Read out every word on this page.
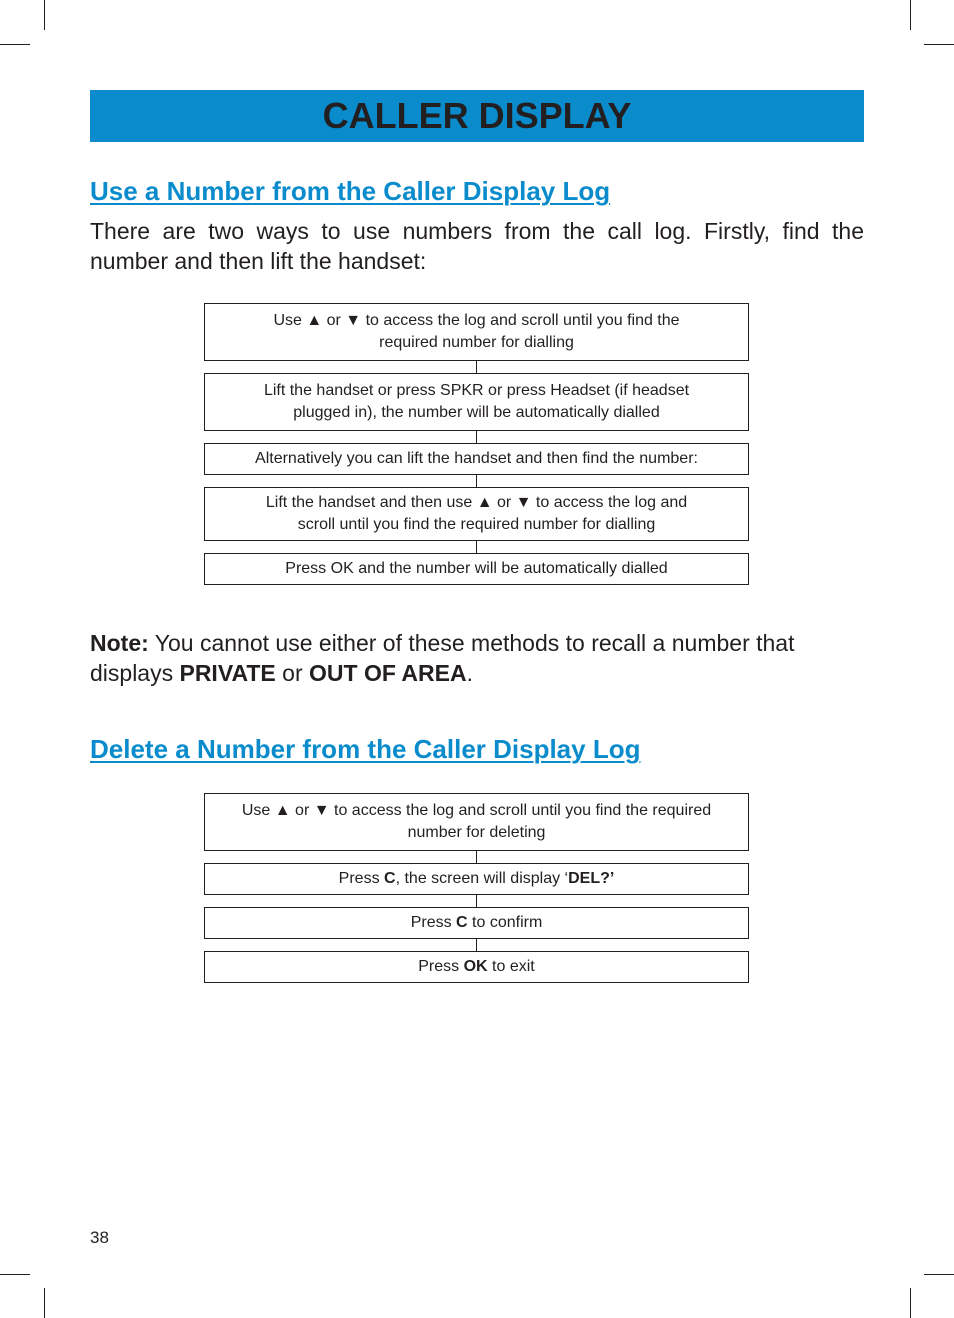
CALLER DISPLAY
Use a Number from the Caller Display Log
There are two ways to use numbers from the call log. Firstly, find the number and then lift the handset:
Use ▲ or ▼ to access the log and scroll until you find the
required number for dialling
Lift the handset or press SPKR or press Headset (if headset
plugged in), the number will be automatically dialled
Alternatively you can lift the handset and then find the number:
Lift the handset and then use ▲ or ▼ to access the log and
scroll until you find the required number for dialling
Press OK and the number will be automatically dialled
Note: You cannot use either of these methods to recall a number that displays PRIVATE or OUT OF AREA.
Delete a Number from the Caller Display Log
Use ▲ or ▼ to access the log and scroll until you find the required
number for deleting
Press C, the screen will display ‘DEL?’
Press C to confirm
Press OK to exit
38
